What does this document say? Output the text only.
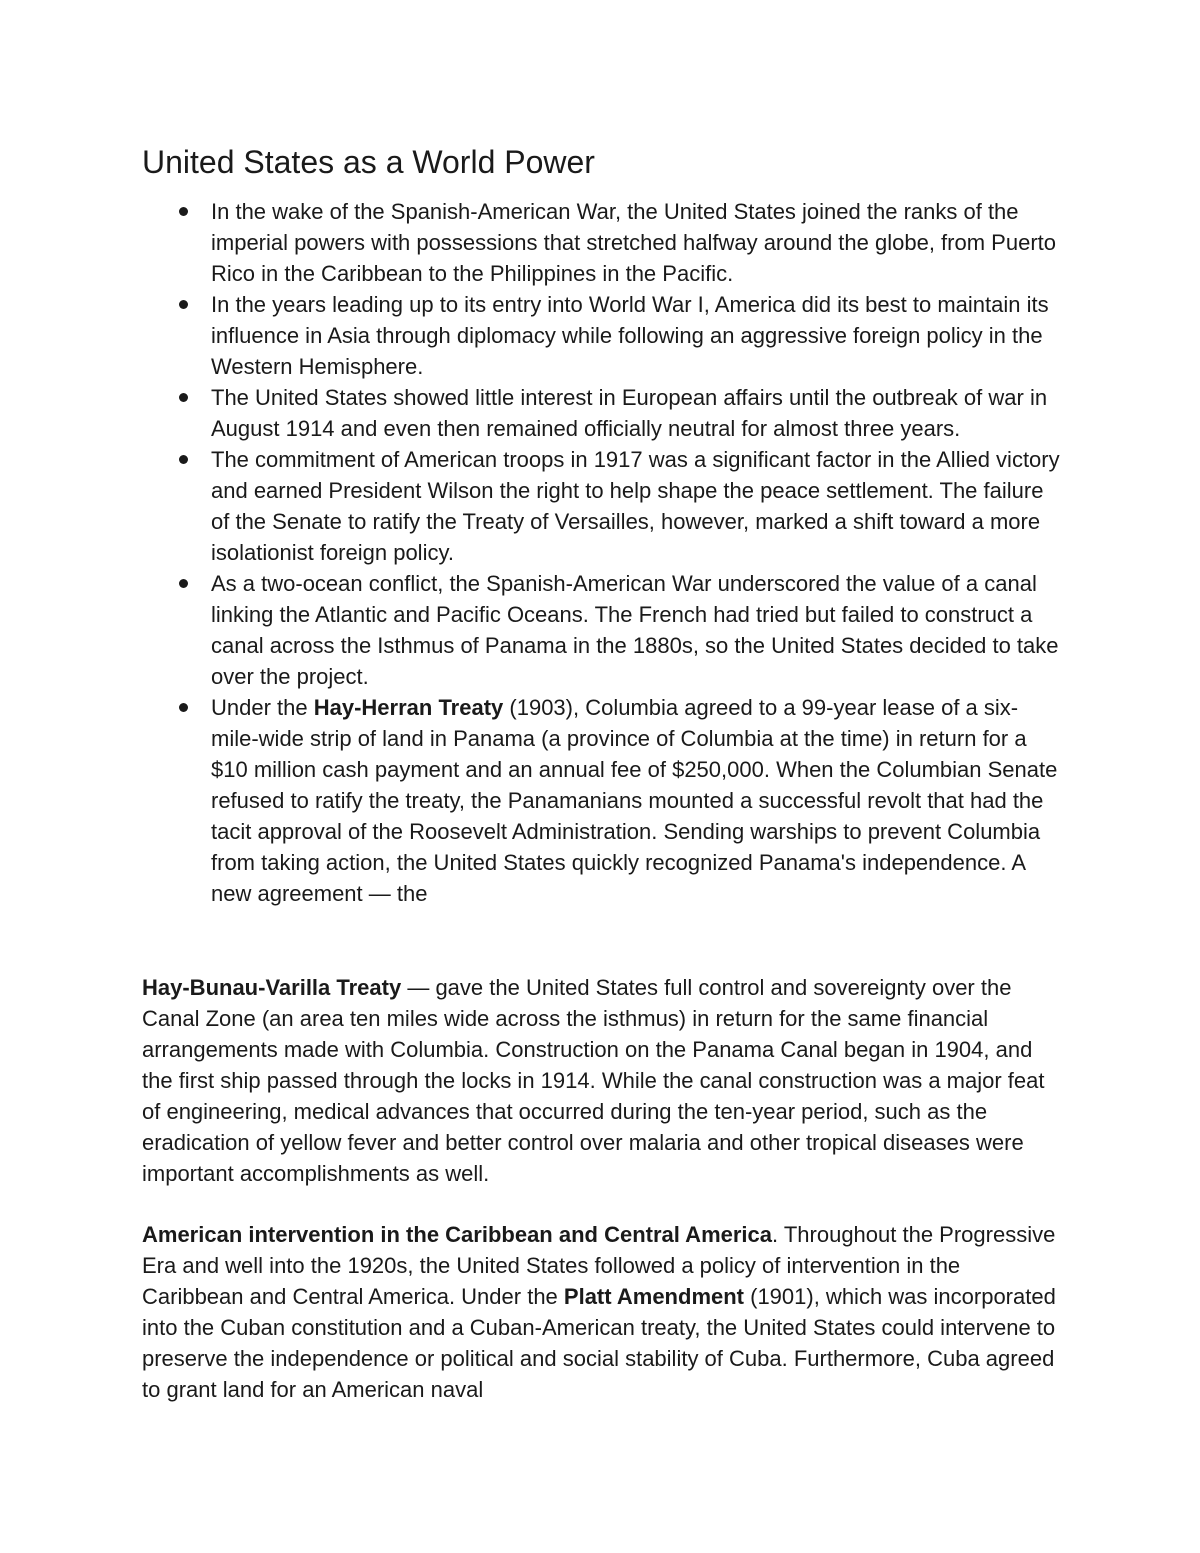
United States as a World Power
In the wake of the Spanish-American War, the United States joined the ranks of the imperial powers with possessions that stretched halfway around the globe, from Puerto Rico in the Caribbean to the Philippines in the Pacific.
In the years leading up to its entry into World War I, America did its best to maintain its influence in Asia through diplomacy while following an aggressive foreign policy in the Western Hemisphere.
The United States showed little interest in European affairs until the outbreak of war in August 1914 and even then remained officially neutral for almost three years.
The commitment of American troops in 1917 was a significant factor in the Allied victory and earned President Wilson the right to help shape the peace settlement. The failure of the Senate to ratify the Treaty of Versailles, however, marked a shift toward a more isolationist foreign policy.
As a two-ocean conflict, the Spanish-American War underscored the value of a canal linking the Atlantic and Pacific Oceans. The French had tried but failed to construct a canal across the Isthmus of Panama in the 1880s, so the United States decided to take over the project.
Under the Hay-Herran Treaty (1903), Columbia agreed to a 99-year lease of a six-mile-wide strip of land in Panama (a province of Columbia at the time) in return for a $10 million cash payment and an annual fee of $250,000. When the Columbian Senate refused to ratify the treaty, the Panamanians mounted a successful revolt that had the tacit approval of the Roosevelt Administration. Sending warships to prevent Columbia from taking action, the United States quickly recognized Panama's independence. A new agreement — the

Hay-Bunau-Varilla Treaty — gave the United States full control and sovereignty over the Canal Zone (an area ten miles wide across the isthmus) in return for the same financial arrangements made with Columbia. Construction on the Panama Canal began in 1904, and the first ship passed through the locks in 1914. While the canal construction was a major feat of engineering, medical advances that occurred during the ten-year period, such as the eradication of yellow fever and better control over malaria and other tropical diseases were important accomplishments as well.

American intervention in the Caribbean and Central America. Throughout the Progressive Era and well into the 1920s, the United States followed a policy of intervention in the Caribbean and Central America. Under the Platt Amendment (1901), which was incorporated into the Cuban constitution and a Cuban-American treaty, the United States could intervene to preserve the independence or political and social stability of Cuba. Furthermore, Cuba agreed to grant land for an American naval
